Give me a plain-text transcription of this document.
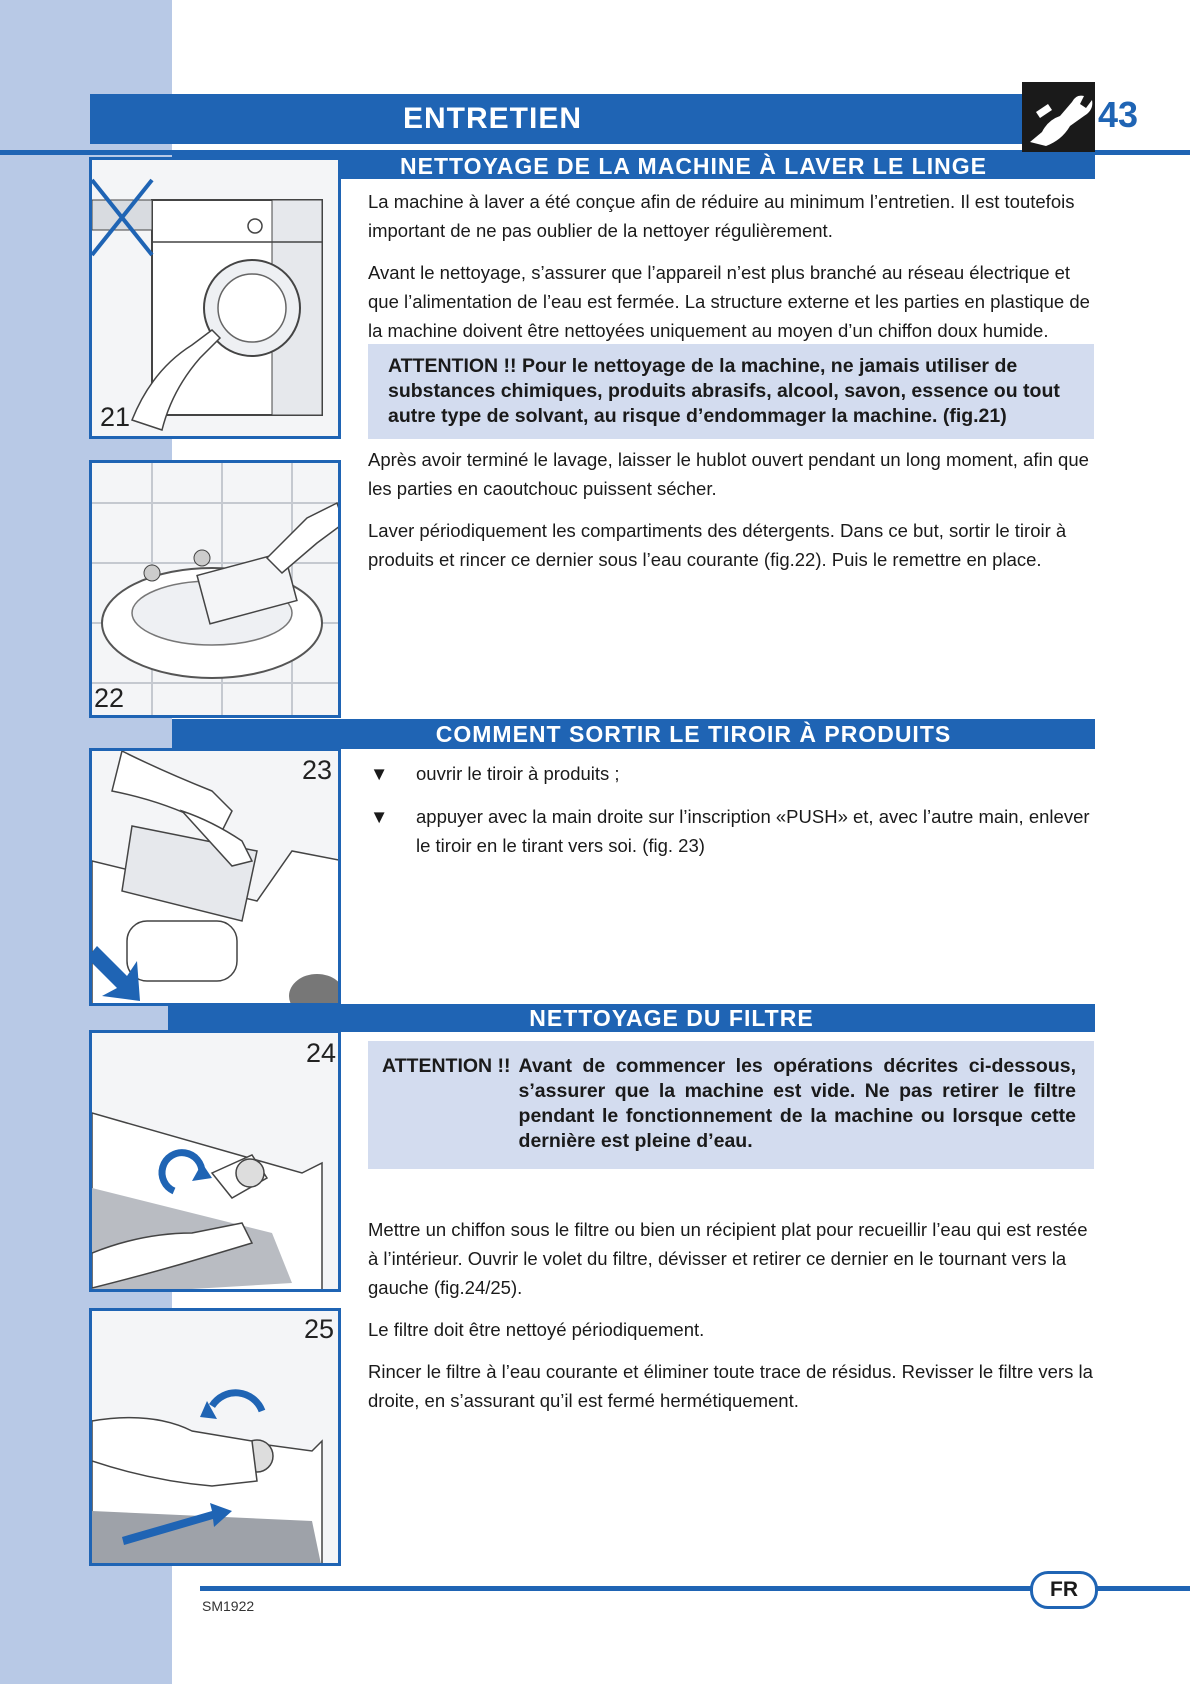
ENTRETIEN	43
NETTOYAGE DE LA MACHINE À LAVER LE LINGE
COMMENT SORTIR LE TIROIR À PRODUITS
NETTOYAGE DU FILTRE
21
22
23
24
25

La machine à laver a été conçue afin de réduire au minimum l’entretien. Il est toutefois important de ne pas oublier de la nettoyer régulièrement.

Avant le nettoyage, s’assurer que l’appareil n’est plus branché au réseau électrique et que l’alimentation de l’eau est fermée. La structure externe et les parties en plastique de la machine doivent être nettoyées uniquement au moyen d’un chiffon doux humide.

ATTENTION !! Pour le nettoyage de la machine, ne jamais utiliser de substances chimiques, produits abrasifs, alcool, savon, essence ou tout autre type de solvant, au risque d’endommager la machine. (fig.21)

Après avoir terminé le lavage, laisser le hublot ouvert pendant un long moment, afin que les parties en caoutchouc puissent sécher.

Laver périodiquement les compartiments des détergents. Dans ce but, sortir le tiroir à produits et rincer ce dernier sous l’eau courante (fig.22). Puis le remettre en place.

▼ ouvrir le tiroir à produits ;
▼ appuyer avec la main droite sur l’inscription «PUSH» et, avec l’autre main, enlever le tiroir en le tirant vers soi. (fig. 23)
ATTENTION !! Avant de commencer les opérations décrites ci-dessous, s’assurer que la machine est vide. Ne pas retirer le filtre pendant le fonctionnement de la machine ou lorsque cette dernière est pleine d’eau.

Mettre un chiffon sous le filtre ou bien un récipient plat pour recueillir l’eau qui est restée à l’intérieur. Ouvrir le volet du filtre, dévisser et retirer ce dernier en le tournant vers la gauche (fig.24/25).

Le filtre doit être nettoyé périodiquement.

Rincer le filtre à l’eau courante et éliminer toute trace de résidus. Revisser le filtre vers la droite, en s’assurant qu’il est fermé hermétiquement.

FR
SM1922
